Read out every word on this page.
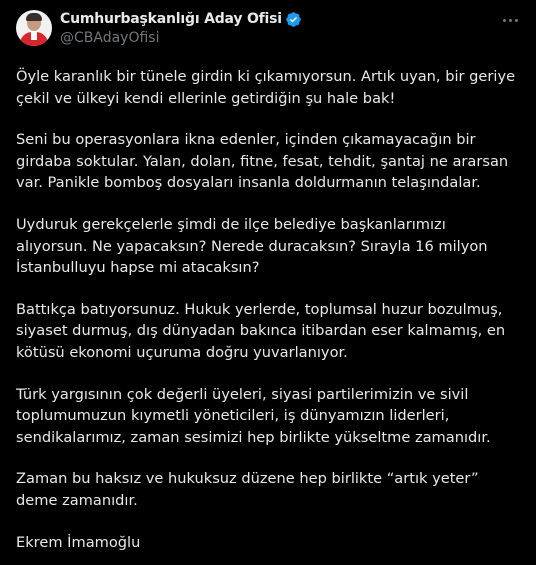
Cumhurbaşkanlığı Aday Ofisi
@CBAdayOfisi

Öyle karanlık bir tünele girdin ki çıkamıyorsun. Artık uyan, bir geriye çekil ve ülkeyi kendi ellerinle getirdiğin şu hale bak!

Seni bu operasyonlara ikna edenler, içinden çıkamayacağın bir girdaba soktular. Yalan, dolan, fitne, fesat, tehdit, şantaj ne ararsan var. Panikle bomboş dosyaları insanla doldurmanın telaşındalar.

Uyduruk gerekçelerle şimdi de ilçe belediye başkanlarımızı alıyorsun. Ne yapacaksın? Nerede duracaksın? Sırayla 16 milyon İstanbulluyu hapse mi atacaksın?

Battıkça batıyorsunuz. Hukuk yerlerde, toplumsal huzur bozulmuş, siyaset durmuş, dış dünyadan bakınca itibardan eser kalmamış, en kötüsü ekonomi uçuruma doğru yuvarlanıyor.

Türk yargısının çok değerli üyeleri, siyasi partilerimizin ve sivil toplumumuzun kıymetli yöneticileri, iş dünyamızın liderleri, sendikalarımız, zaman sesimizi hep birlikte yükseltme zamanıdır.

Zaman bu haksız ve hukuksuz düzene hep birlikte “artık yeter” deme zamanıdır.

Ekrem İmamoğlu
